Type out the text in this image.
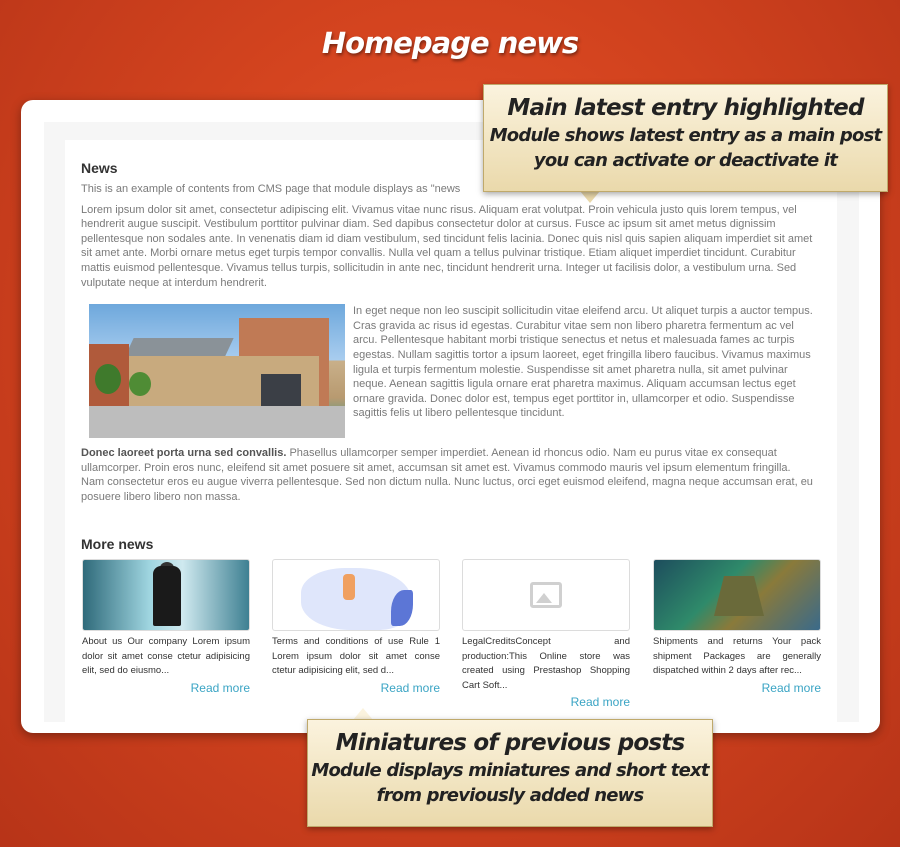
Homepage news
News
This is an example of contents from CMS page that module displays as "news

Lorem ipsum dolor sit amet, consectetur adipiscing elit. Vivamus vitae nunc risus. Aliquam erat volutpat. Proin vehicula justo quis lorem tempus, vel hendrerit augue suscipit. Vestibulum porttitor pulvinar diam. Sed dapibus consectetur dolor at cursus. Fusce ac ipsum sit amet metus dignissim pellentesque non sodales ante. In venenatis diam id diam vestibulum, sed tincidunt felis lacinia. Donec quis nisl quis sapien aliquam imperdiet sit amet sit amet ante. Morbi ornare metus eget turpis tempor convallis. Nulla vel quam a tellus pulvinar tristique. Etiam aliquet imperdiet tincidunt. Curabitur mattis euismod pellentesque. Vivamus tellus turpis, sollicitudin in ante nec, tincidunt hendrerit urna. Integer ut facilisis dolor, a vestibulum urna. Sed vulputate neque at interdum hendrerit.

In eget neque non leo suscipit sollicitudin vitae eleifend arcu. Ut aliquet turpis a auctor tempus. Cras gravida ac risus id egestas. Curabitur vitae sem non libero pharetra fermentum ac vel arcu. Pellentesque habitant morbi tristique senectus et netus et malesuada fames ac turpis egestas. Nullam sagittis tortor a ipsum laoreet, eget fringilla libero faucibus. Vivamus maximus ligula et turpis fermentum molestie. Suspendisse sit amet pharetra nulla, sit amet pulvinar neque. Aenean sagittis ligula ornare erat pharetra maximus. Aliquam accumsan lectus eget ornare gravida. Donec dolor est, tempus eget porttitor in, ullamcorper et odio. Suspendisse sagittis felis ut libero pellentesque tincidunt.

Donec laoreet porta urna sed convallis. Phasellus ullamcorper semper imperdiet. Aenean id rhoncus odio. Nam eu purus vitae ex consequat ullamcorper. Proin eros nunc, eleifend sit amet posuere sit amet, accumsan sit amet est. Vivamus commodo mauris vel ipsum elementum fringilla. Nam consectetur eros eu augue viverra pellentesque. Sed non dictum nulla. Nunc luctus, orci eget euismod eleifend, magna neque accumsan erat, eu posuere libero libero non massa.

More news
About us Our company Lorem ipsum dolor sit amet conse ctetur adipisicing elit, sed do eiusmo...
Read more
Terms and conditions of use Rule 1 Lorem ipsum dolor sit amet conse ctetur adipisicing elit, sed d...
Read more
LegalCreditsConcept and production:This Online store was created using Prestashop Shopping Cart Soft...
Read more
Shipments and returns Your pack shipment Packages are generally dispatched within 2 days after rec...
Read more
Main latest entry highlighted
Module shows latest entry as a main post
you can activate or deactivate it
Miniatures of previous posts
Module displays miniatures and short text
from previously added news
